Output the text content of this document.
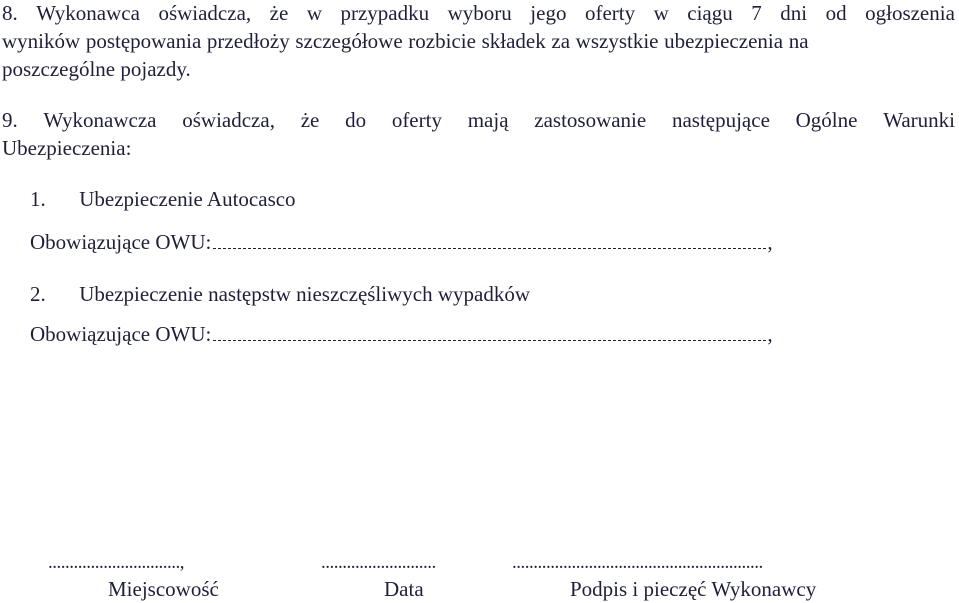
8. Wykonawca oświadcza, że w przypadku wyboru jego oferty w ciągu 7 dni od ogłoszenia
wyników postępowania przedłoży szczegółowe rozbicie składek za wszystkie ubezpieczenia na
poszczególne pojazdy.
9. Wykonawcza oświadcza, że do oferty mają zastosowanie następujące Ogólne Warunki
Ubezpieczenia:
1. Ubezpieczenie Autocasco
Obowiązujące OWU:	,
2. Ubezpieczenie następstw nieszczęśliwych wypadków
Obowiązujące OWU:	,
...............................,	...........................	...........................................................
Miejscowość	Data	Podpis i pieczęć Wykonawcy
